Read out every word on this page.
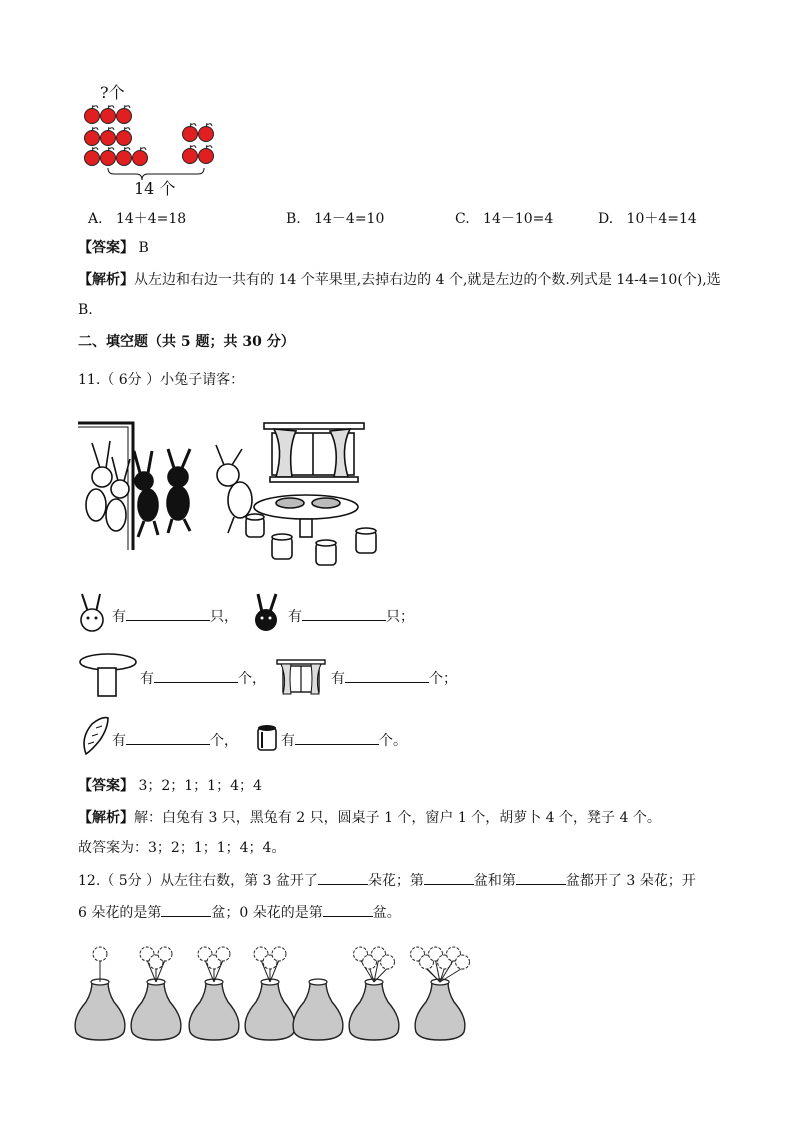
?个
14 个
A. 14＋4=18	B. 14－4=10	C. 14－10=4	D. 10＋4=14
【答案】 B
【解析】从左边和右边一共有的 14 个苹果里,去掉右边的 4 个,就是左边的个数.列式是 14-4=10(个),选
B.
二、填空题（共 5 题；共 30 分）
11.（ 6分 ）小兔子请客：
有	只，	有	只；
有	个，	有	个；
有	个，	有	个。
【答案】 3；2；1；1；4；4
【解析】解：白兔有 3 只，黑兔有 2 只，圆桌子 1 个，窗户 1 个，胡萝卜 4 个，凳子 4 个。
故答案为：3；2；1；1；4；4。
12.（ 5分 ）从左往右数，第 3 盆开了	朵花；第	盆和第	盆都开了 3 朵花；开
6 朵花的是第	盆；0 朵花的是第	盆。
